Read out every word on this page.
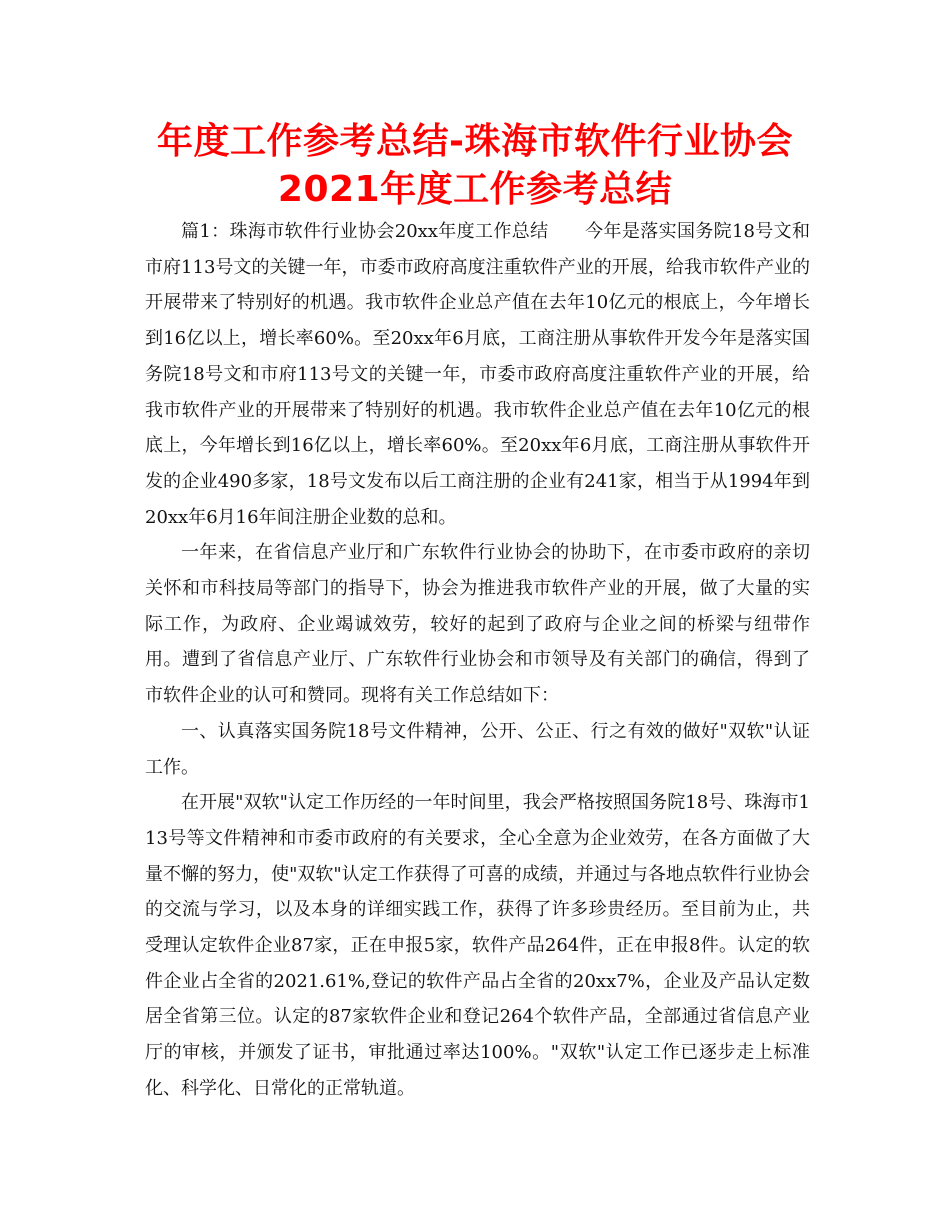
年度工作参考总结-珠海市软件行业协会2021年度工作参考总结

篇1：珠海市软件行业协会20xx年度工作总结　　今年是落实国务院18号文和市府113号文的关键一年，市委市政府高度注重软件产业的开展，给我市软件产业的开展带来了特别好的机遇。我市软件企业总产值在去年10亿元的根底上，今年增长到16亿以上，增长率60%。至20xx年6月底，工商注册从事软件开发今年是落实国务院18号文和市府113号文的关键一年，市委市政府高度注重软件产业的开展，给我市软件产业的开展带来了特别好的机遇。我市软件企业总产值在去年10亿元的根底上，今年增长到16亿以上，增长率60%。至20xx年6月底，工商注册从事软件开发的企业490多家，18号文发布以后工商注册的企业有241家，相当于从1994年到20xx年6月16年间注册企业数的总和。

一年来，在省信息产业厅和广东软件行业协会的协助下，在市委市政府的亲切关怀和市科技局等部门的指导下，协会为推进我市软件产业的开展，做了大量的实际工作，为政府、企业竭诚效劳，较好的起到了政府与企业之间的桥梁与纽带作用。遭到了省信息产业厅、广东软件行业协会和市领导及有关部门的确信，得到了市软件企业的认可和赞同。现将有关工作总结如下：

一、认真落实国务院18号文件精神，公开、公正、行之有效的做好"双软"认证工作。

在开展"双软"认定工作历经的一年时间里，我会严格按照国务院18号、珠海市113号等文件精神和市委市政府的有关要求，全心全意为企业效劳，在各方面做了大量不懈的努力，使"双软"认定工作获得了可喜的成绩，并通过与各地点软件行业协会的交流与学习，以及本身的详细实践工作，获得了许多珍贵经历。至目前为止，共受理认定软件企业87家，正在申报5家，软件产品264件，正在申报8件。认定的软件企业占全省的2021.61%,登记的软件产品占全省的20xx7%，企业及产品认定数居全省第三位。认定的87家软件企业和登记264个软件产品，全部通过省信息产业厅的审核，并颁发了证书，审批通过率达100%。"双软"认定工作已逐步走上标准化、科学化、日常化的正常轨道。
